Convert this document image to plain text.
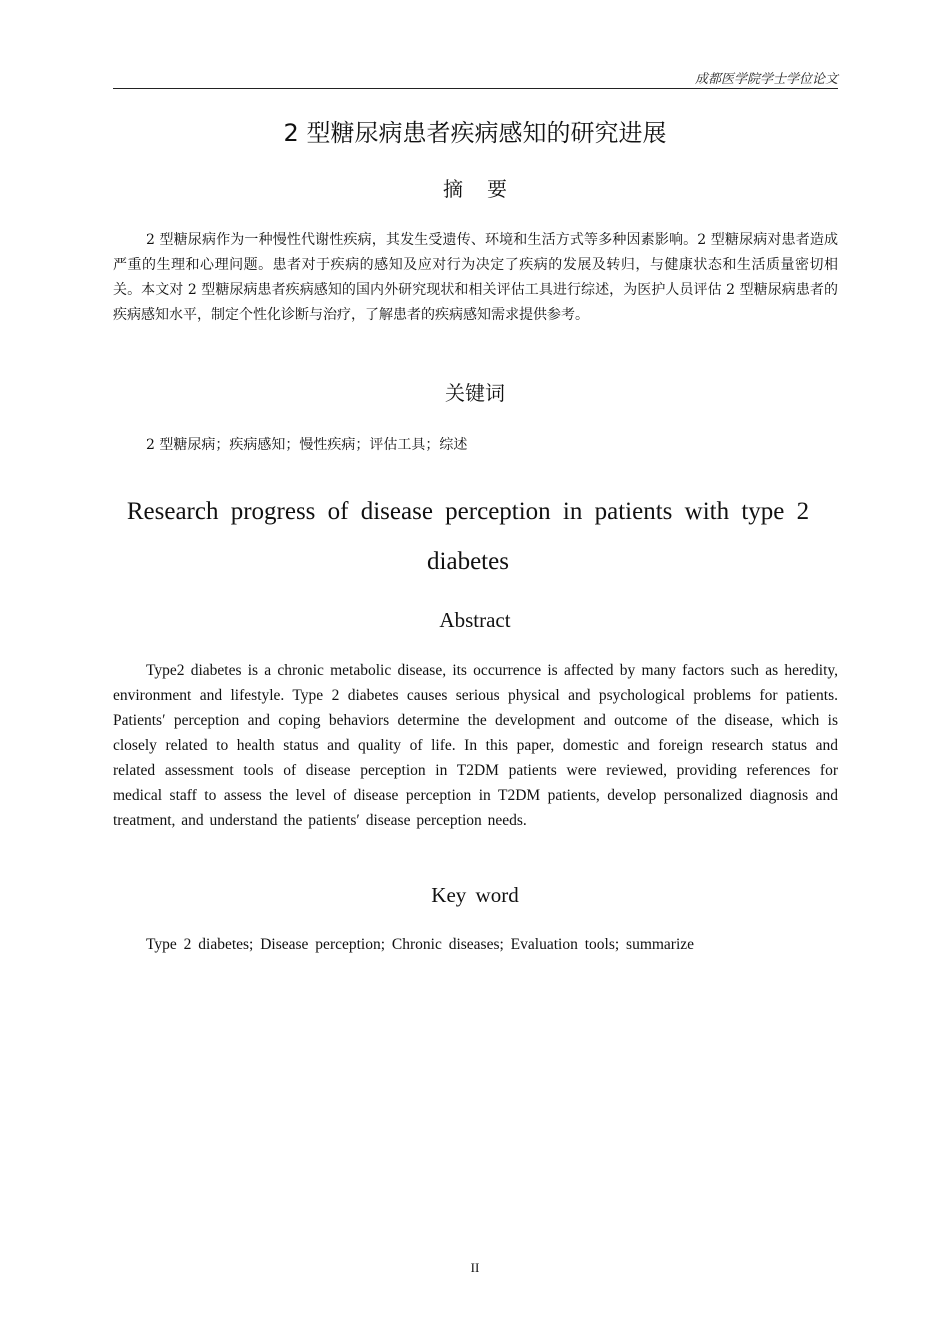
成都医学院学士学位论文
2 型糖尿病患者疾病感知的研究进展
摘要
2 型糖尿病作为一种慢性代谢性疾病，其发生受遗传、环境和生活方式等多种因素影响。2 型糖尿病对患者造成严重的生理和心理问题。患者对于疾病的感知及应对行为决定了疾病的发展及转归，与健康状态和生活质量密切相关。本文对 2 型糖尿病患者疾病感知的国内外研究现状和相关评估工具进行综述，为医护人员评估 2 型糖尿病患者的疾病感知水平，制定个性化诊断与治疗，了解患者的疾病感知需求提供参考。
关键词
2 型糖尿病；疾病感知；慢性疾病；评估工具；综述
Research progress of disease perception in patients with type 2 diabetes
Abstract
Type2 diabetes is a chronic metabolic disease, its occurrence is affected by many factors such as heredity, environment and lifestyle. Type 2 diabetes causes serious physical and psychological problems for patients. Patients′ perception and coping behaviors determine the development and outcome of the disease, which is closely related to health status and quality of life. In this paper, domestic and foreign research status and related assessment tools of disease perception in T2DM patients were reviewed, providing references for medical staff to assess the level of disease perception in T2DM patients, develop personalized diagnosis and treatment, and understand the patients′ disease perception needs.
Key word
Type 2 diabetes; Disease perception; Chronic diseases; Evaluation tools; summarize
II
